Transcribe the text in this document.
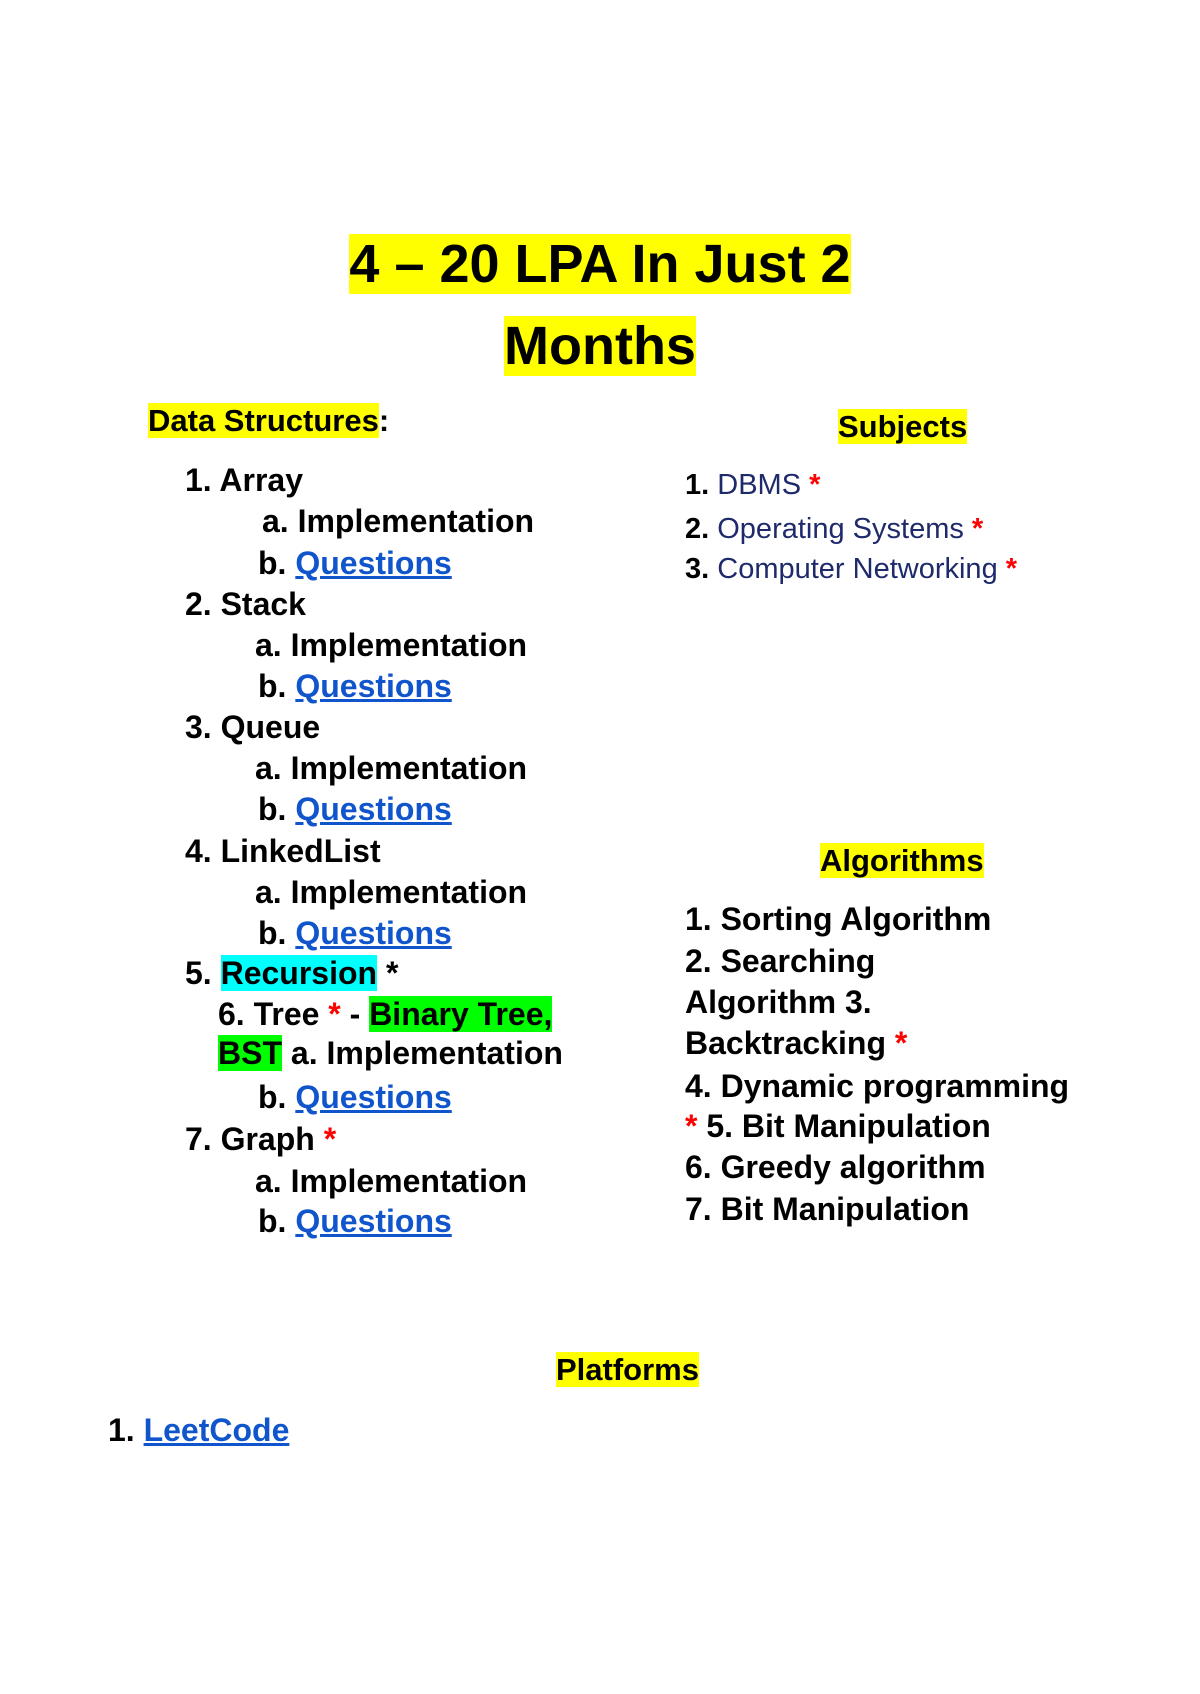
4 – 20 LPA In Just 2
Months
Data Structures:
1. Array
a. Implementation
b. Questions
2. Stack
a. Implementation
b. Questions
3. Queue
a. Implementation
b. Questions
4. LinkedList
a. Implementation
b. Questions
5. Recursion *
6. Tree * - Binary Tree,
BST a. Implementation
b. Questions
7. Graph *
a. Implementation
b. Questions
Subjects
1. DBMS *
2. Operating Systems *
3. Computer Networking *
Algorithms
1. Sorting Algorithm
2. Searching
Algorithm 3.
Backtracking *
4. Dynamic programming
* 5. Bit Manipulation
6. Greedy algorithm
7. Bit Manipulation
Platforms
1. LeetCode
